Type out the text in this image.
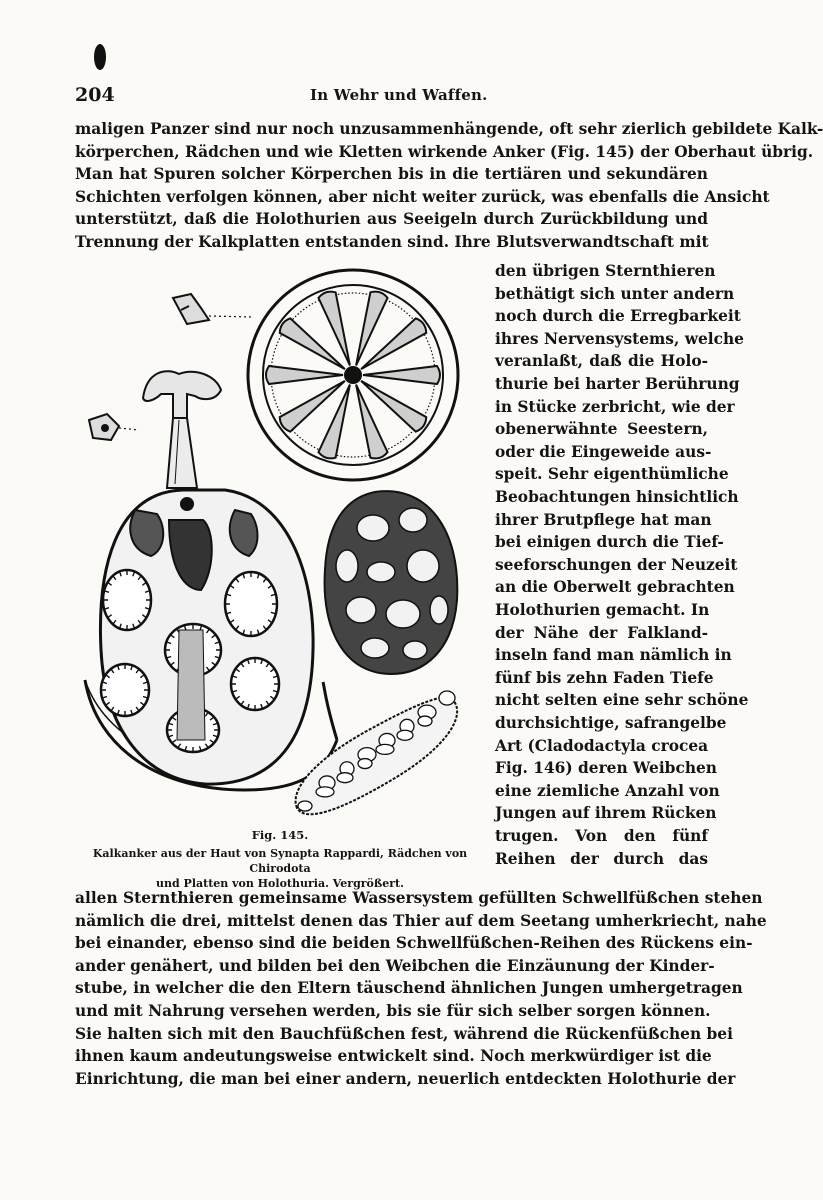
204	In Wehr und Waffen.

maligen Panzer sind nur noch unzusammenhängende, oft sehr zierlich gebildete Kalk-

körperchen, Rädchen und wie Kletten wirkende Anker (Fig. 145) der Oberhaut übrig.

Man hat Spuren solcher Körperchen bis in die tertiären und sekundären

Schichten verfolgen können, aber nicht weiter zurück, was ebenfalls die Ansicht

unterstützt, daß die Holothurien aus Seeigeln durch Zurückbildung und

Trennung der Kalkplatten entstanden sind. Ihre Blutsverwandtschaft mit

den übrigen Sternthieren

bethätigt sich unter andern

noch durch die Erregbarkeit

ihres Nervensystems, welche

veranlaßt, daß die Holo-

thurie bei harter Berührung

in Stücke zerbricht, wie der

obenerwähnte Seestern,

oder die Eingeweide aus-

speit. Sehr eigenthümliche

Beobachtungen hinsichtlich

ihrer Brutpflege hat man

bei einigen durch die Tief-

seeforschungen der Neuzeit

an die Oberwelt gebrachten

Holothurien gemacht. In

der Nähe der Falkland-

inseln fand man nämlich in

fünf bis zehn Faden Tiefe

nicht selten eine sehr schöne

durchsichtige, safrangelbe

Art (Cladodactyla crocea

Fig. 146) deren Weibchen

eine ziemliche Anzahl von

Jungen auf ihrem Rücken

trugen. Von den fünf

Reihen der durch das

allen Sternthieren gemeinsame Wassersystem gefüllten Schwellfüßchen stehen

nämlich die drei, mittelst denen das Thier auf dem Seetang umherkriecht, nahe

bei einander, ebenso sind die beiden Schwellfüßchen-Reihen des Rückens ein-

ander genähert, und bilden bei den Weibchen die Einzäunung der Kinder-

stube, in welcher die den Eltern täuschend ähnlichen Jungen umhergetragen

und mit Nahrung versehen werden, bis sie für sich selber sorgen können.

Sie halten sich mit den Bauchfüßchen fest, während die Rückenfüßchen bei

ihnen kaum andeutungsweise entwickelt sind. Noch merkwürdiger ist die

Einrichtung, die man bei einer andern, neuerlich entdeckten Holothurie der

Fig. 145.
Kalkanker aus der Haut von Synapta Rappardi, Rädchen von Chirodota
und Platten von Holothuria. Vergrößert.
